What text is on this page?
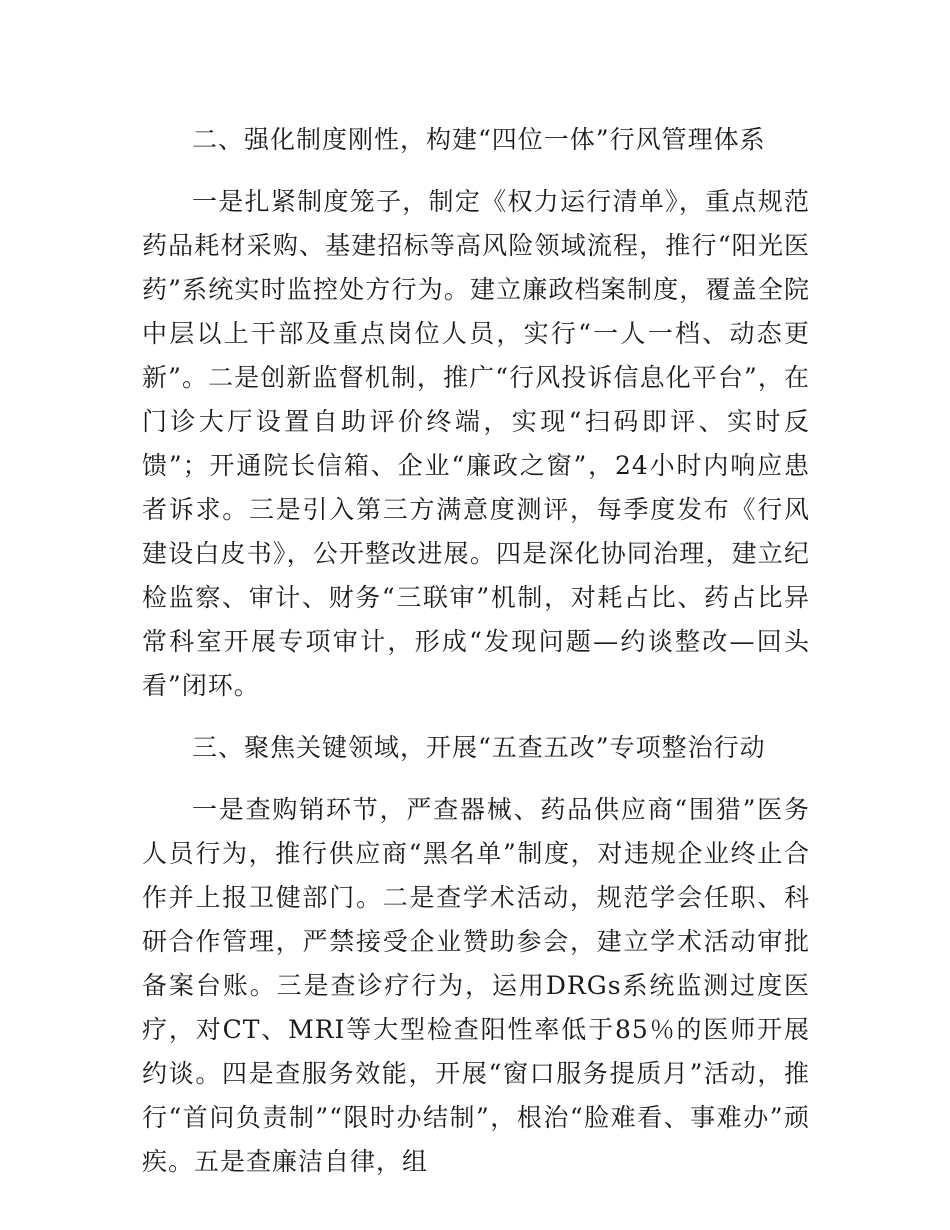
二、强化制度刚性，构建“四位一体”行风管理体系

一是扎紧制度笼子，制定《权力运行清单》，重点规范药品耗材采购、基建招标等高风险领域流程，推行“阳光医药”系统实时监控处方行为。建立廉政档案制度，覆盖全院中层以上干部及重点岗位人员，实行“一人一档、动态更新”。二是创新监督机制，推广“行风投诉信息化平台”，在门诊大厅设置自助评价终端，实现“扫码即评、实时反馈”；开通院长信箱、企业“廉政之窗”，24小时内响应患者诉求。三是引入第三方满意度测评，每季度发布《行风建设白皮书》，公开整改进展。四是深化协同治理，建立纪检监察、审计、财务“三联审”机制，对耗占比、药占比异常科室开展专项审计，形成“发现问题—约谈整改—回头看”闭环。

三、聚焦关键领域，开展“五查五改”专项整治行动

一是查购销环节，严查器械、药品供应商“围猎”医务人员行为，推行供应商“黑名单”制度，对违规企业终止合作并上报卫健部门。二是查学术活动，规范学会任职、科研合作管理，严禁接受企业赞助参会，建立学术活动审批备案台账。三是查诊疗行为，运用DRGs系统监测过度医疗，对CT、MRI等大型检查阳性率低于85％的医师开展约谈。四是查服务效能，开展“窗口服务提质月”活动，推行“首问负责制”“限时办结制”，根治“脸难看、事难办”顽疾。五是查廉洁自律，组
